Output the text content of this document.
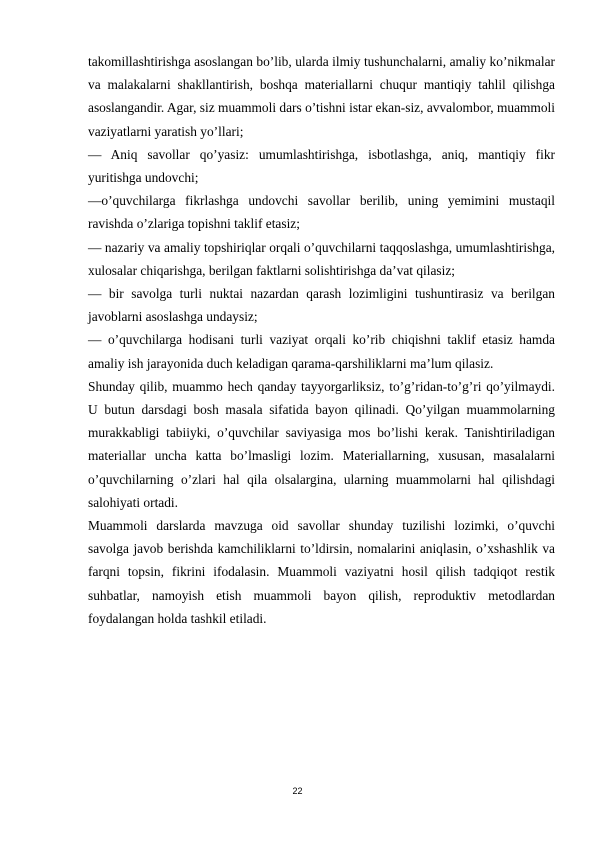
takomillashtirishga asoslangan bo’lib, ularda ilmiy tushunchalarni, amaliy ko’nikmalar va malakalarni shakllantirish, boshqa materiallarni chuqur mantiqiy tahlil qilishga asoslangandir. Agar, siz muammoli dars o’tishni istar ekan-siz, avvalombor, muammoli vaziyatlarni yaratish yo’llari;

— Aniq savollar qo’yasiz: umumlashtirishga, isbotlashga, aniq, mantiqiy fikr yuritishga undovchi;

—o’quvchilarga fikrlashga undovchi savollar berilib, uning yemimini mustaqil ravishda o’zlariga topishni taklif etasiz;

— nazariy va amaliy topshiriqlar orqali o’quvchilarni taqqoslashga, umumlashtirishga, xulosalar chiqarishga, berilgan faktlarni solishtirishga da’vat qilasiz;

— bir savolga turli nuktai nazardan qarash lozimligini tushuntirasiz va berilgan javoblarni asoslashga undaysiz;

— o’quvchilarga hodisani turli vaziyat orqali ko’rib chiqishni taklif etasiz hamda amaliy ish jarayonida duch keladigan qarama-qarshiliklarni ma’lum qilasiz.

Shunday qilib, muammo hech qanday tayyorgarliksiz, to’g’ridan-to’g’ri qo’yilmaydi. U butun darsdagi bosh masala sifatida bayon qilinadi. Qo’yilgan muammolarning murakkabligi tabiiyki, o’quvchilar saviyasiga mos bo’lishi kerak. Tanishtiriladigan materiallar uncha katta bo’lmasligi lozim. Materiallarning, xususan, masalalarni o’quvchilarning o’zlari hal qila olsalargina, ularning muammolarni hal qilishdagi salohiyati ortadi.

Muammoli darslarda mavzuga oid savollar shunday tuzilishi lozimki, o’quvchi savolga javob berishda kamchiliklarni to’ldirsin, nomalarini aniqlasin, o’xshashlik va farqni topsin, fikrini ifodalasin. Muammoli vaziyatni hosil qilish tadqiqot restik suhbatlar, namoyish etish muammoli bayon qilish, reproduktiv metodlardan foydalangan holda tashkil etiladi.

22
